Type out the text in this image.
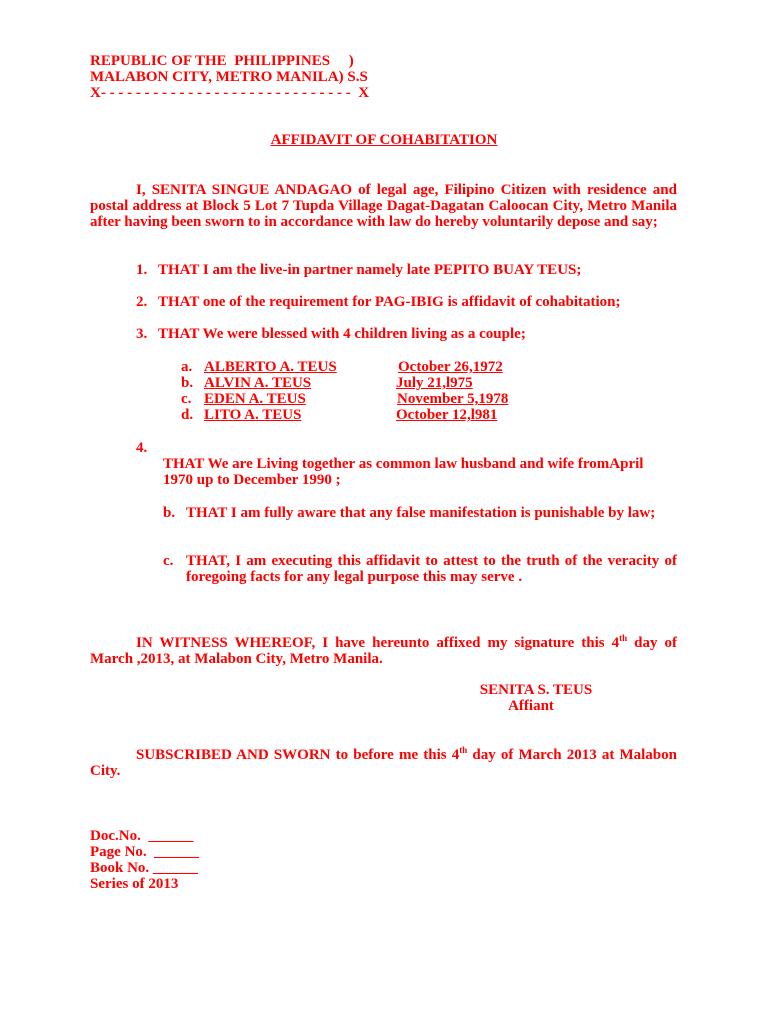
REPUBLIC OF THE  PHILIPPINES     )
MALABON CITY, METRO MANILA) S.S
X- - - - - - - - - - - - - - - - - - - - - - - - - - - - -  X
AFFIDAVIT OF COHABITATION
I, SENITA SINGUE ANDAGAO of legal age, Filipino Citizen with residence and postal address at Block 5 Lot 7 Tupda Village Dagat-Dagatan Caloocan City, Metro Manila after having been sworn to in accordance with law do hereby voluntarily depose and say;
1. THAT I am the live-in partner namely late PEPITO BUAY TEUS;
2. THAT one of the requirement for PAG-IBIG is affidavit of cohabitation;
3. THAT We were blessed with 4 children living as a couple;
a. ALBERTO A. TEUS	October 26,1972
b. ALVIN A. TEUS	July 21,l975
c. EDEN A. TEUS	November 5,1978
d. LITO A. TEUS	October 12,l981
4.
THAT We are Living together as common law husband and wife fromApril 1970 up to December 1990 ;
b. THAT I am fully aware that any false manifestation is punishable by law;
c. THAT, I am executing this affidavit to attest to the truth of the veracity of foregoing facts for any legal purpose this may serve .
IN WITNESS WHEREOF, I have hereunto affixed my signature this 4th day of March ,2013, at Malabon City, Metro Manila.
SENITA S. TEUS
Affiant
SUBSCRIBED AND SWORN to before me this 4th day of March 2013 at Malabon City.
Doc.No.  ______
Page No.  ______
Book No. ______
Series of 2013
